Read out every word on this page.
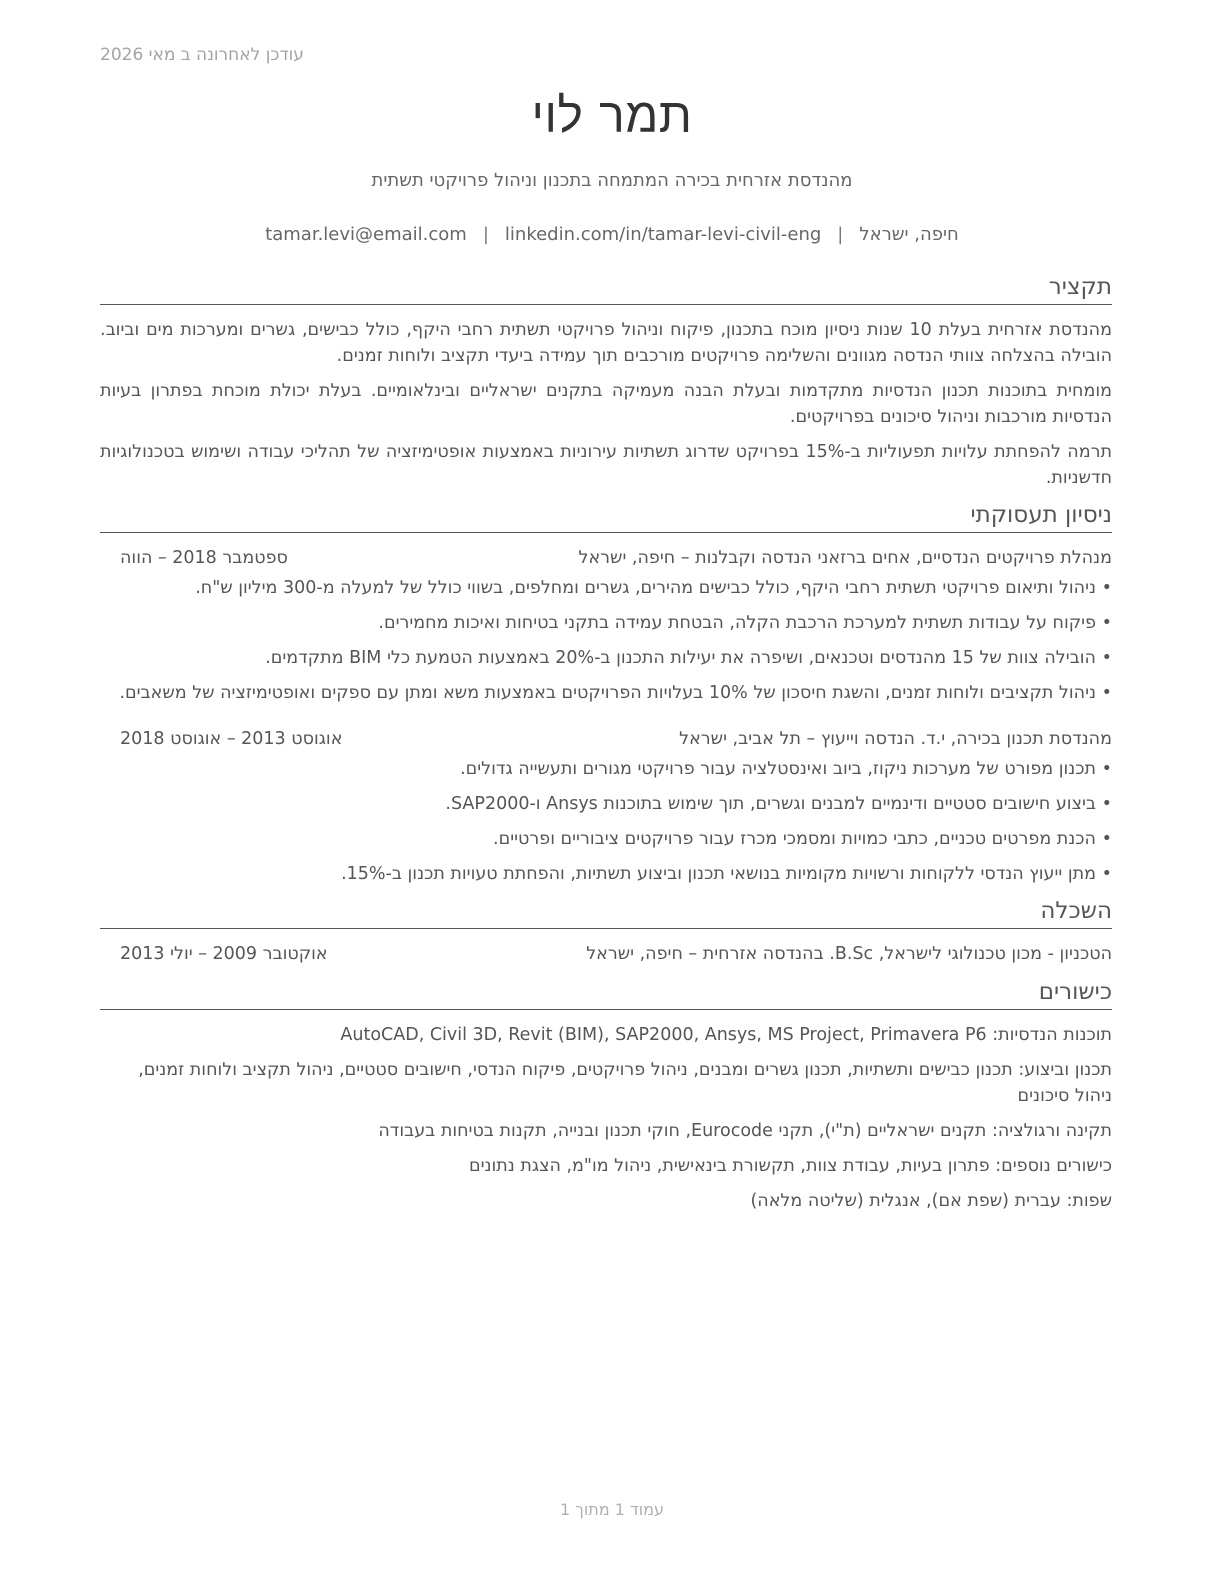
עודכן לאחרונה ב מאי 2026
תמר לוי
מהנדסת אזרחית בכירה המתמחה בתכנון וניהול פרויקטי תשתית
חיפה, ישראל|tamar.levi@email.com | linkedin.com/in/tamar-levi-civil-eng
תקציר

מהנדסת אזרחית בעלת 10 שנות ניסיון מוכח בתכנון, פיקוח וניהול פרויקטי תשתית רחבי היקף, כולל כבישים, גשרים ומערכות מים וביוב. הובילה בהצלחה צוותי הנדסה מגוונים והשלימה פרויקטים מורכבים תוך עמידה ביעדי תקציב ולוחות זמנים.

מומחית בתוכנות תכנון הנדסיות מתקדמות ובעלת הבנה מעמיקה בתקנים ישראליים ובינלאומיים. בעלת יכולת מוכחת בפתרון בעיות הנדסיות מורכבות וניהול סיכונים בפרויקטים.

תרמה להפחתת עלויות תפעוליות ב-15% בפרויקט שדרוג תשתיות עירוניות באמצעות אופטימיזציה של תהליכי עבודה ושימוש בטכנולוגיות חדשניות.

ניסיון תעסוקתי
מנהלת פרויקטים הנדסיים, אחים ברזאני הנדסה וקבלנות – חיפה, ישראל
ספטמבר 2018 – הווה
•
ניהול ותיאום פרויקטי תשתית רחבי היקף, כולל כבישים מהירים, גשרים ומחלפים, בשווי כולל של למעלה מ-300 מיליון ש"ח.
•
פיקוח על עבודות תשתית למערכת הרכבת הקלה, הבטחת עמידה בתקני בטיחות ואיכות מחמירים.
•
הובילה צוות של 15 מהנדסים וטכנאים, ושיפרה את יעילות התכנון ב-20% באמצעות הטמעת כלי BIM מתקדמים.
•
ניהול תקציבים ולוחות זמנים, והשגת חיסכון של 10% בעלויות הפרויקטים באמצעות משא ומתן עם ספקים ואופטימיזציה של משאבים.
מהנדסת תכנון בכירה, י.ד. הנדסה וייעוץ – תל אביב, ישראל
אוגוסט 2013 – אוגוסט 2018
•
תכנון מפורט של מערכות ניקוז, ביוב ואינסטלציה עבור פרויקטי מגורים ותעשייה גדולים.
•
ביצוע חישובים סטטיים ודינמיים למבנים וגשרים, תוך שימוש בתוכנות Ansys ו-SAP2000.
•
הכנת מפרטים טכניים, כתבי כמויות ומסמכי מכרז עבור פרויקטים ציבוריים ופרטיים.
•
מתן ייעוץ הנדסי ללקוחות ורשויות מקומיות בנושאי תכנון וביצוע תשתיות, והפחתת טעויות תכנון ב-15%.
השכלה
הטכניון - מכון טכנולוגי לישראל, B.Sc. בהנדסה אזרחית – חיפה, ישראל
אוקטובר 2009 – יולי 2013
כישורים

תוכנות הנדסיות: AutoCAD, Civil 3D, Revit (BIM), SAP2000, Ansys, MS Project, Primavera P6

תכנון וביצוע: תכנון כבישים ותשתיות, תכנון גשרים ומבנים, ניהול פרויקטים, פיקוח הנדסי, חישובים סטטיים, ניהול תקציב ולוחות זמנים, ניהול סיכונים

תקינה ורגולציה: תקנים ישראליים (ת"י), תקני Eurocode, חוקי תכנון ובנייה, תקנות בטיחות בעבודה

כישורים נוספים: פתרון בעיות, עבודת צוות, תקשורת בינאישית, ניהול מו"מ, הצגת נתונים

שפות: עברית (שפת אם), אנגלית (שליטה מלאה)

עמוד 1 מתוך 1
